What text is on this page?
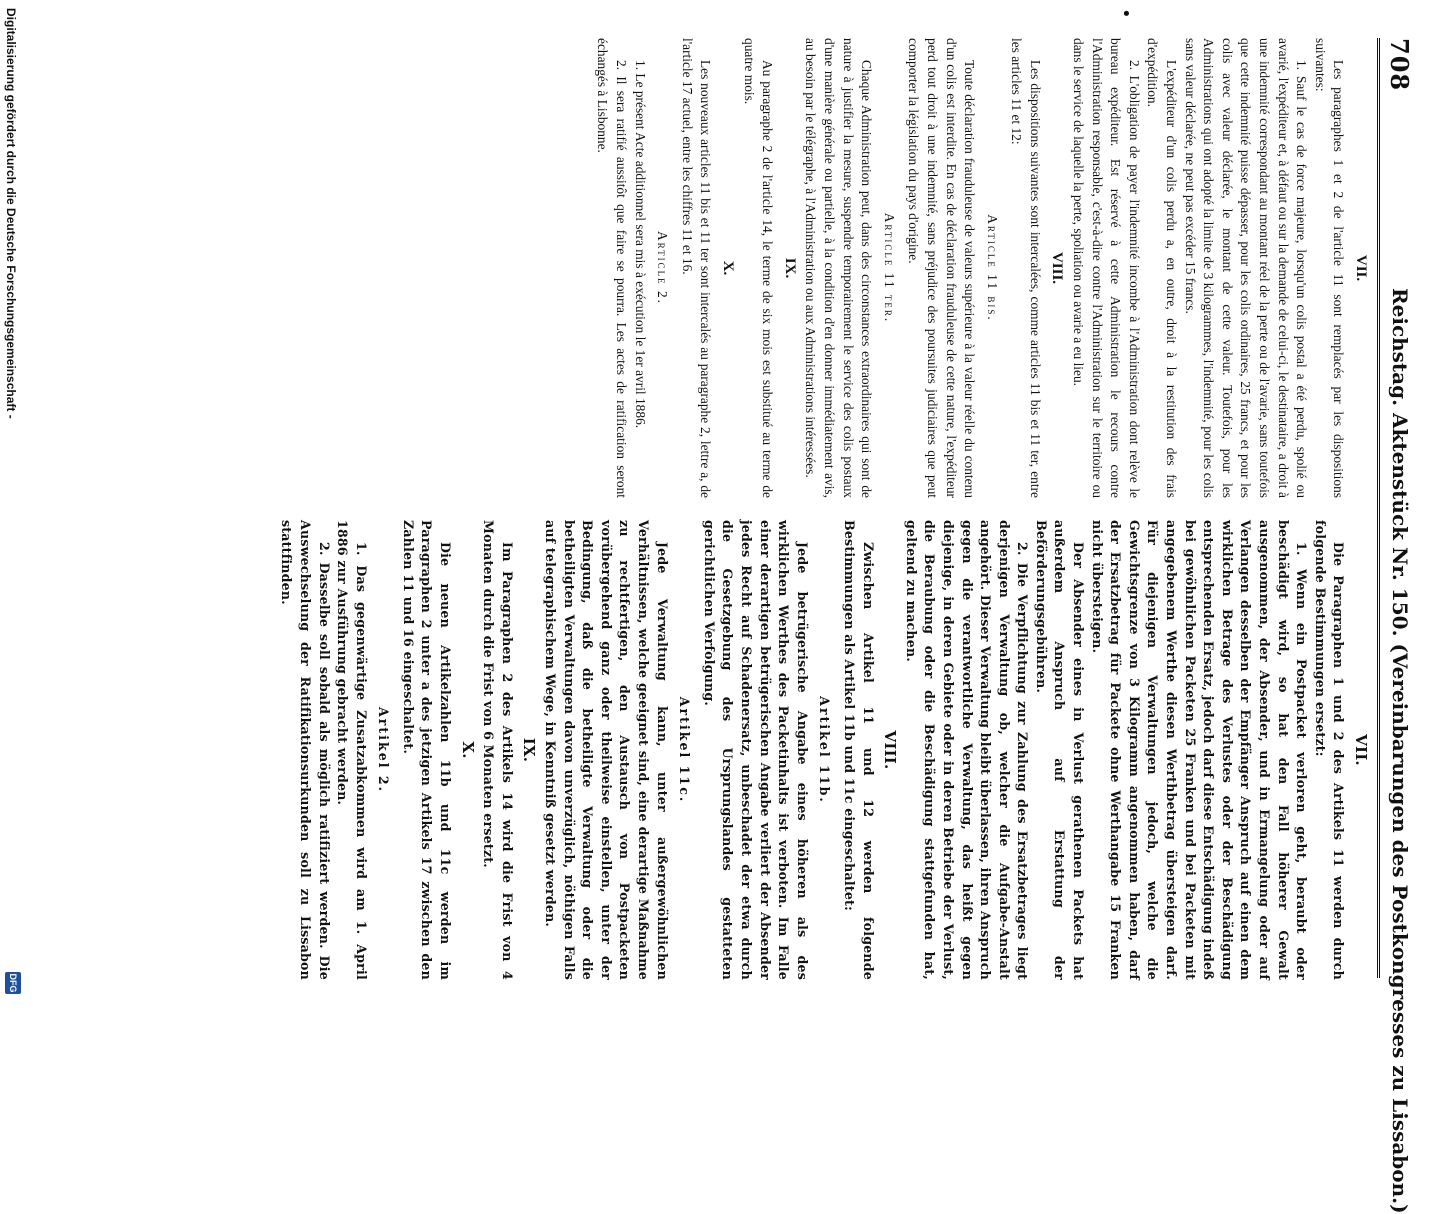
708
Reichstag. Aktenstück Nr. 150. (Vereinbarungen des Postkongresses zu Lissabon.)
VII.

Les paragraphes 1 et 2 de l'article 11 sont remplacés par les dispositions suivantes:

1. Sauf le cas de force majeure, lorsqu'un colis postal a été perdu, spolié ou avarié, l'expéditeur et, à défaut ou sur la demande de celui-ci, le destinataire, a droit à une indemnité correspondant au montant réel de la perte ou de l'avarie, sans toutefois que cette indemnité puisse dépasser, pour les colis ordinaires, 25 francs, et pour les colis avec valeur déclarée, le montant de cette valeur. Toutefois, pour les Administrations qui ont adopté la limite de 3 kilogrammes, l'indemnité, pour les colis sans valeur déclarée, ne peut pas excéder 15 francs.

L'expéditeur d'un colis perdu a, en outre, droit à la restitution des frais d'expédition.

2. L'obligation de payer l'indemnité incombe à l'Administration dont relève le bureau expéditeur. Est réservé à cette Administration le recours contre l'Administration responsable, c'est-à-dire contre l'Administration sur le territoire ou dans le service de laquelle la perte, spoliation ou avarie a eu lieu.

VIII.

Les dispositions suivantes sont intercalées, comme articles 11 bis et 11 ter, entre les articles 11 et 12:

Article 11 bis.

Toute déclaration frauduleuse de valeurs supérieure à la valeur réelle du contenu d'un colis est interdite. En cas de déclaration frauduleuse de cette nature, l'expéditeur perd tout droit à une indemnité, sans préjudice des poursuites judiciaires que peut comporter la législation du pays d'origine.

Article 11 ter.

Chaque Administration peut, dans des circonstances extraordinaires qui sont de nature à justifier la mesure, suspendre temporairement le service des colis postaux d'une manière générale ou partielle, à la condition d'en donner immédiatement avis, au besoin par le télégraphe, à l'Administration ou aux Administrations intéressées.

IX.

Au paragraphe 2 de l'article 14, le terme de six mois est substitué au terme de quatre mois.

X.

Les nouveaux articles 11 bis et 11 ter sont intercalés au paragraphe 2, lettre a, de l'article 17 actuel, entre les chiffres 11 et 16.

Article 2.

1. Le présent Acte additionnel sera mis à exécution le 1er avril 1886.

2. Il sera ratifié aussitôt que faire se pourra. Les actes de ratification seront échangés à Lisbonne.

•
VII.

Die Paragraphen 1 und 2 des Artikels 11 werden durch folgende Bestimmungen ersetzt:

1. Wenn ein Postpacket verloren geht, beraubt oder beschädigt wird, so hat den Fall höherer Gewalt ausgenommen, der Absender, und in Ermangelung oder auf Verlangen desselben der Empfänger Anspruch auf einen dem wirklichen Betrage des Verlustes oder der Beschädigung entsprechenden Ersatz, jedoch darf diese Entschädigung indeß bei gewöhnlichen Packeten 25 Franken und bei Packeten mit angegebenem Werthe diesen Werthbetrag übersteigen darf. Für diejenigen Verwaltungen jedoch, welche die Gewichtsgrenze von 3 Kilogramm angenommen haben, darf der Ersatzbetrag für Packete ohne Werthangabe 15 Franken nicht übersteigen.

Der Absender eines in Verlust gerathenen Packets hat außerdem Anspruch auf Erstattung der Beförderungsgebühren.

2. Die Verpflichtung zur Zahlung des Ersatzbetrages liegt derjenigen Verwaltung ob, welcher die Aufgabe-Anstalt angehört. Dieser Verwaltung bleibt überlassen, ihren Anspruch gegen die verantwortliche Verwaltung, das heißt gegen diejenige, in deren Gebiete oder in deren Betriebe der Verlust, die Beraubung oder die Beschädigung stattgefunden hat, geltend zu machen.

VIII.

Zwischen Artikel 11 und 12 werden folgende Bestimmungen als Artikel 11b und 11c eingeschaltet:

Artikel 11b.

Jede betrügerische Angabe eines höheren als des wirklichen Werthes des Packetinhalts ist verboten. Im Falle einer derartigen betrügerischen Angabe verliert der Absender jedes Recht auf Schadenersatz, unbeschadet der etwa durch die Gesetzgebung des Ursprungslandes gestatteten gerichtlichen Verfolgung.

Artikel 11c.

Jede Verwaltung kann, unter außergewöhnlichen Verhältnissen, welche geeignet sind, eine derartige Maßnahme zu rechtfertigen, den Austausch von Postpacketen vorübergehend ganz oder theilweise einstellen, unter der Bedingung, daß die betheiligte Verwaltung oder die betheiligten Verwaltungen davon unverzüglich, nöthigen Falls auf telegraphischem Wege, in Kenntniß gesetzt werden.

IX.

Im Paragraphen 2 des Artikels 14 wird die Frist von 4 Monaten durch die Frist von 6 Monaten ersetzt.

X.

Die neuen Artikelzahlen 11b und 11c werden im Paragraphen 2 unter a des jetzigen Artikels 17 zwischen den Zahlen 11 und 16 eingeschaltet.

Artikel 2.

1. Das gegenwärtige Zusatzabkommen wird am 1. April 1886 zur Ausführung gebracht werden.

2. Dasselbe soll sobald als möglich ratifiziert werden. Die Auswechselung der Ratifikationsurkunden soll zu Lissabon stattfinden.

Digitalisierung gefördert durch die Deutsche Forschungsgemeinschaft -
DFG
